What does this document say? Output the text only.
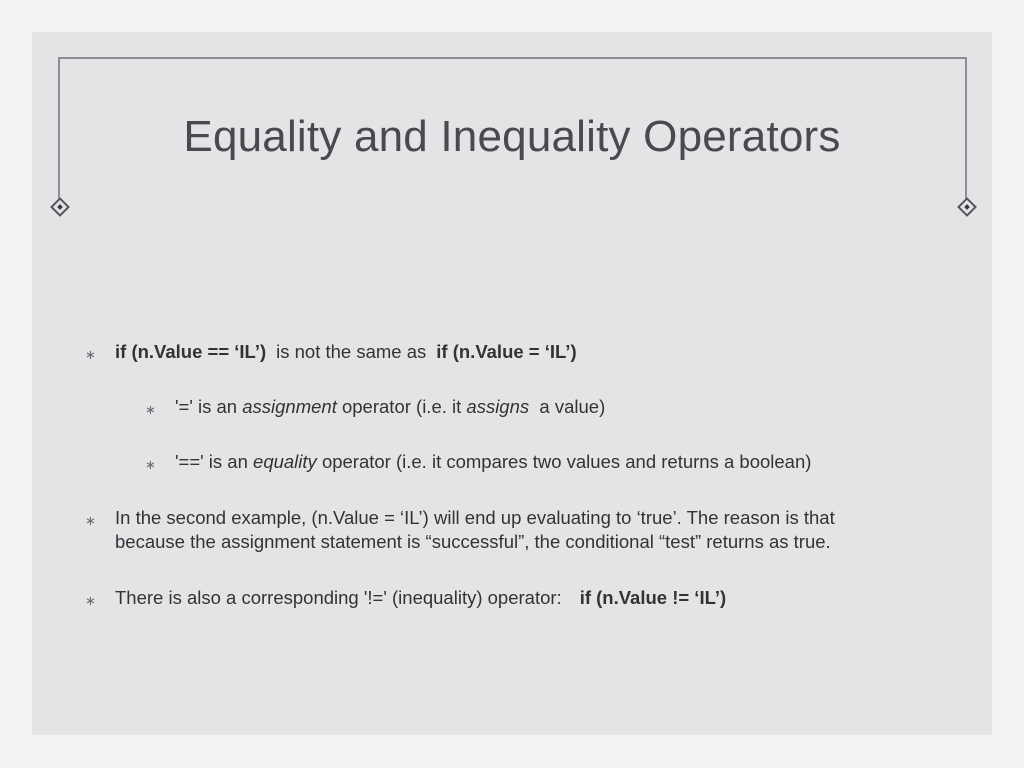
Equality and Inequality Operators
∗ if (n.Value == ‘IL’) is not the same as if (n.Value = ‘IL’)
∗ '=' is an assignment operator (i.e. it assigns a value)
∗ '==' is an equality operator (i.e. it compares two values and returns a boolean)
∗ In the second example, (n.Value = ‘IL’) will end up evaluating to ‘true’. The reason is that
because the assignment statement is “successful”, the conditional “test” returns as true.
∗ There is also a corresponding '!=' (inequality) operator: if (n.Value != ‘IL’)
